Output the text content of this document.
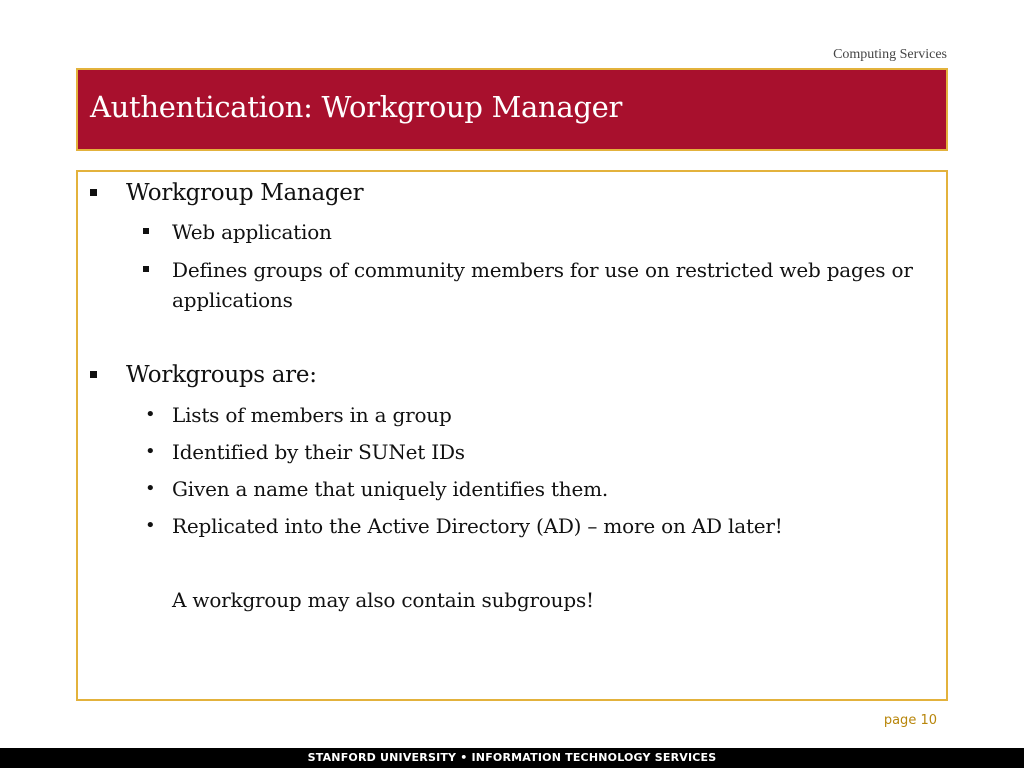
Computing Services
Authentication: Workgroup Manager
Workgroup Manager
Web application
Defines groups of community members for use on restricted web pages or applications
Workgroups are:
• Lists of members in a group
• Identified by their SUNet IDs
• Given a name that uniquely identifies them.
• Replicated into the Active Directory (AD) – more on AD later!
A workgroup may also contain subgroups!
page 10
STANFORD UNIVERSITY • INFORMATION TECHNOLOGY SERVICES
